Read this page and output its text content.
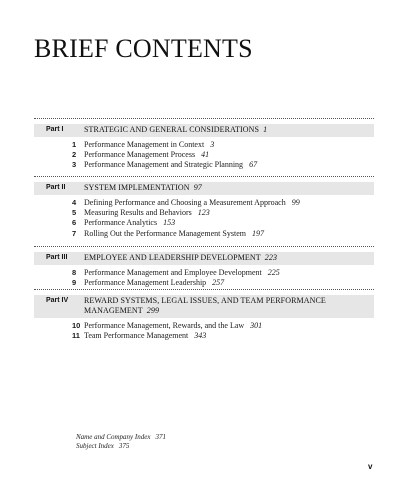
BRIEF CONTENTS
Part I	STRATEGIC AND GENERAL CONSIDERATIONS 1
1 Performance Management in Context 3
2 Performance Management Process 41
3 Performance Management and Strategic Planning 67
Part II	SYSTEM IMPLEMENTATION 97
4 Defining Performance and Choosing a Measurement Approach 99
5 Measuring Results and Behaviors 123
6 Performance Analytics 153
7 Rolling Out the Performance Management System 197
Part III	EMPLOYEE AND LEADERSHIP DEVELOPMENT 223
8 Performance Management and Employee Development 225
9 Performance Management Leadership 257
Part IV	REWARD SYSTEMS, LEGAL ISSUES, AND TEAM PERFORMANCE
MANAGEMENT 299
10 Performance Management, Rewards, and the Law 301
11 Team Performance Management 343
Name and Company Index 371
Subject Index 375
v
